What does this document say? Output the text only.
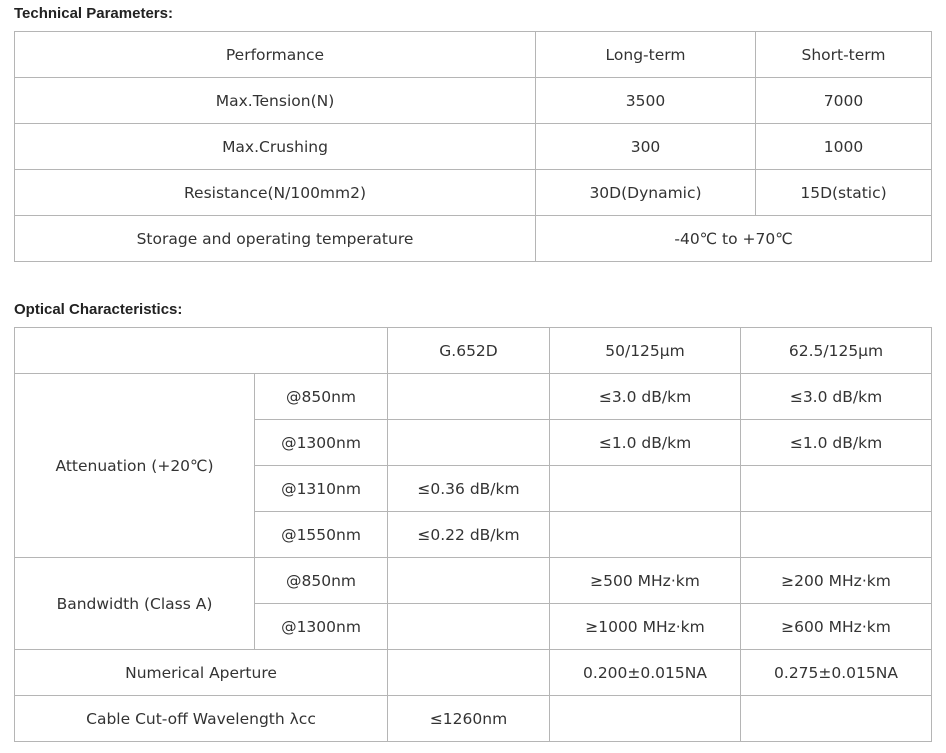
Technical Parameters:
Performance	Long-term	Short-term
Max.Tension(N)	3500	7000
Max.Crushing	300	1000
Resistance(N/100mm2)	30D(Dynamic)	15D(static)
Storage and operating temperature	-40℃ to +70℃	
Optical Characteristics:
		G.652D	50/125μm	62.5/125μm
Attenuation (+20℃)	@850nm		≤3.0 dB/km	≤3.0 dB/km
	@1300nm		≤1.0 dB/km	≤1.0 dB/km
	@1310nm	≤0.36 dB/km		
	@1550nm	≤0.22 dB/km		
Bandwidth (Class A)	@850nm		≥500 MHz·km	≥200 MHz·km
	@1300nm		≥1000 MHz·km	≥600 MHz·km
Numerical Aperture			0.200±0.015NA	0.275±0.015NA
Cable Cut-off Wavelength λcc		≤1260nm		
